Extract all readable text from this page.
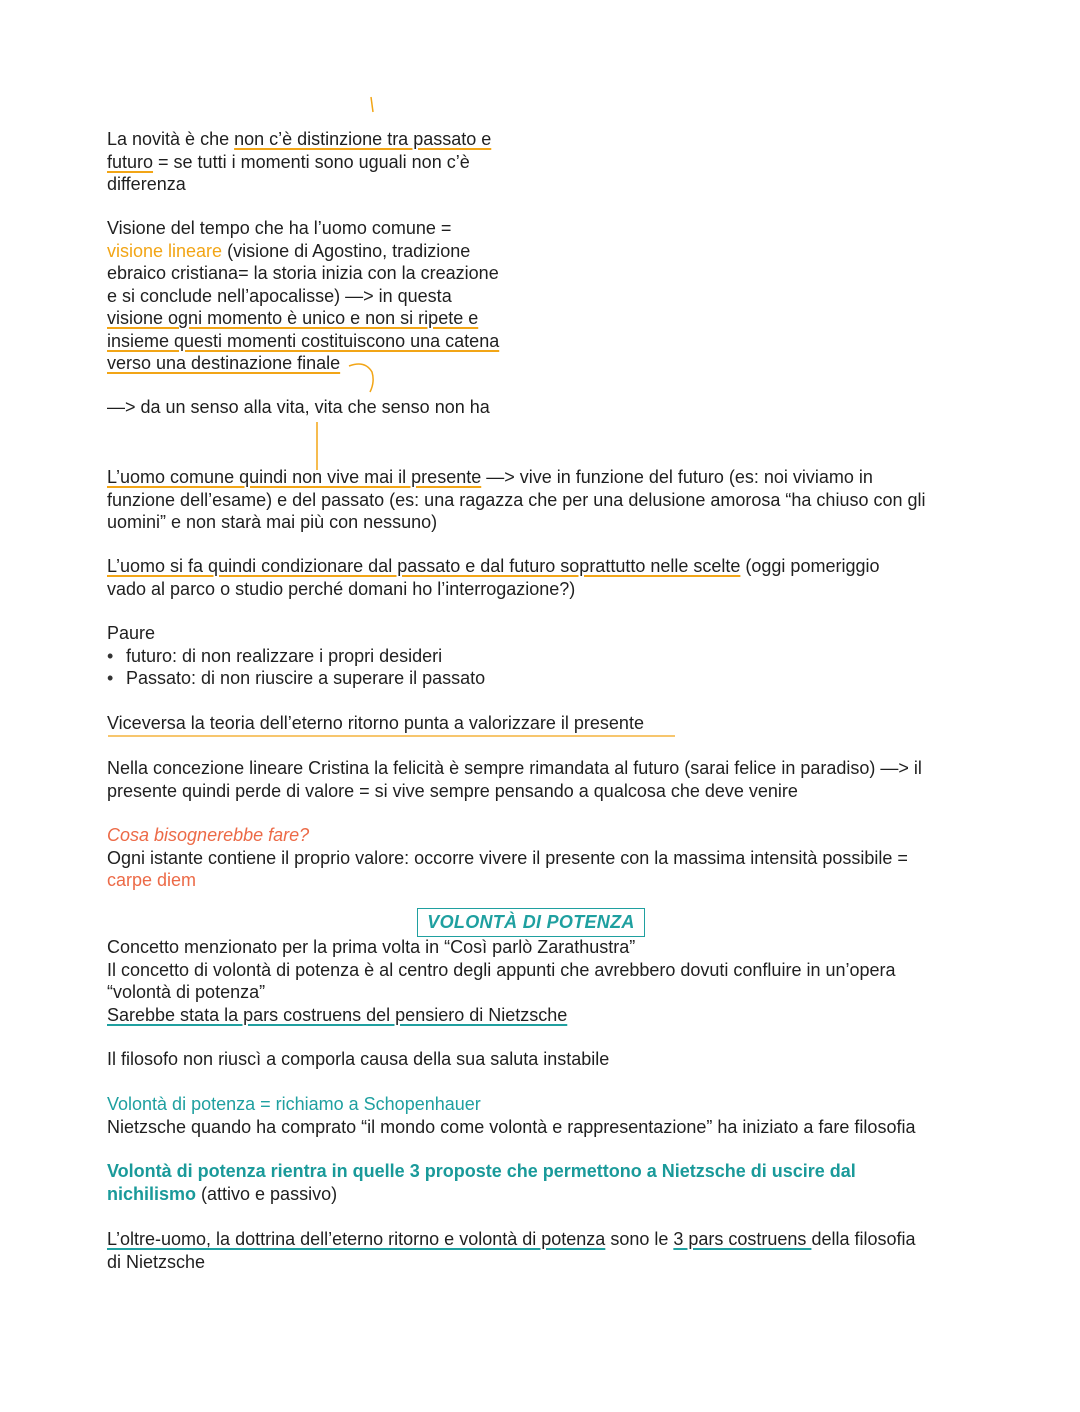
La novità è che non c’è distinzione tra passato e
futuro = se tutti i momenti sono uguali non c’è
differenza
Visione del tempo che ha l’uomo comune =
visione lineare (visione di Agostino, tradizione
ebraico cristiana= la storia inizia con la creazione
e si conclude nell’apocalisse) —> in questa
visione ogni momento è unico e non si ripete e
insieme questi momenti costituiscono una catena
verso una destinazione finale
—> da un senso alla vita, vita che senso non ha
L’uomo comune quindi non vive mai il presente —> vive in funzione del futuro (es: noi viviamo in
funzione dell’esame) e del passato (es: una ragazza che per una delusione amorosa “ha chiuso con gli
uomini” e non starà mai più con nessuno)
L’uomo si fa quindi condizionare dal passato e dal futuro soprattutto nelle scelte (oggi pomeriggio
vado al parco o studio perché domani ho l’interrogazione?)
Paure
• futuro: di non realizzare i propri desideri
• Passato: di non riuscire a superare il passato
Viceversa la teoria dell’eterno ritorno punta a valorizzare il presente
Nella concezione lineare Cristina la felicità è sempre rimandata al futuro (sarai felice in paradiso) —> il
presente quindi perde di valore = si vive sempre pensando a qualcosa che deve venire
Cosa bisognerebbe fare?
Ogni istante contiene il proprio valore: occorre vivere il presente con la massima intensità possibile =
carpe diem
VOLONTÀ DI POTENZA
Concetto menzionato per la prima volta in “Così parlò Zarathustra”
Il concetto di volontà di potenza è al centro degli appunti che avrebbero dovuti confluire in un’opera
“volontà di potenza”
Sarebbe stata la pars costruens del pensiero di Nietzsche
Il filosofo non riuscì a comporla causa della sua saluta instabile
Volontà di potenza = richiamo a Schopenhauer
Nietzsche quando ha comprato “il mondo come volontà e rappresentazione” ha iniziato a fare filosofia
Volontà di potenza rientra in quelle 3 proposte che permettono a Nietzsche di uscire dal
nichilismo (attivo e passivo)
L’oltre-uomo, la dottrina dell’eterno ritorno e volontà di potenza sono le 3 pars costruens della filosofia
di Nietzsche
